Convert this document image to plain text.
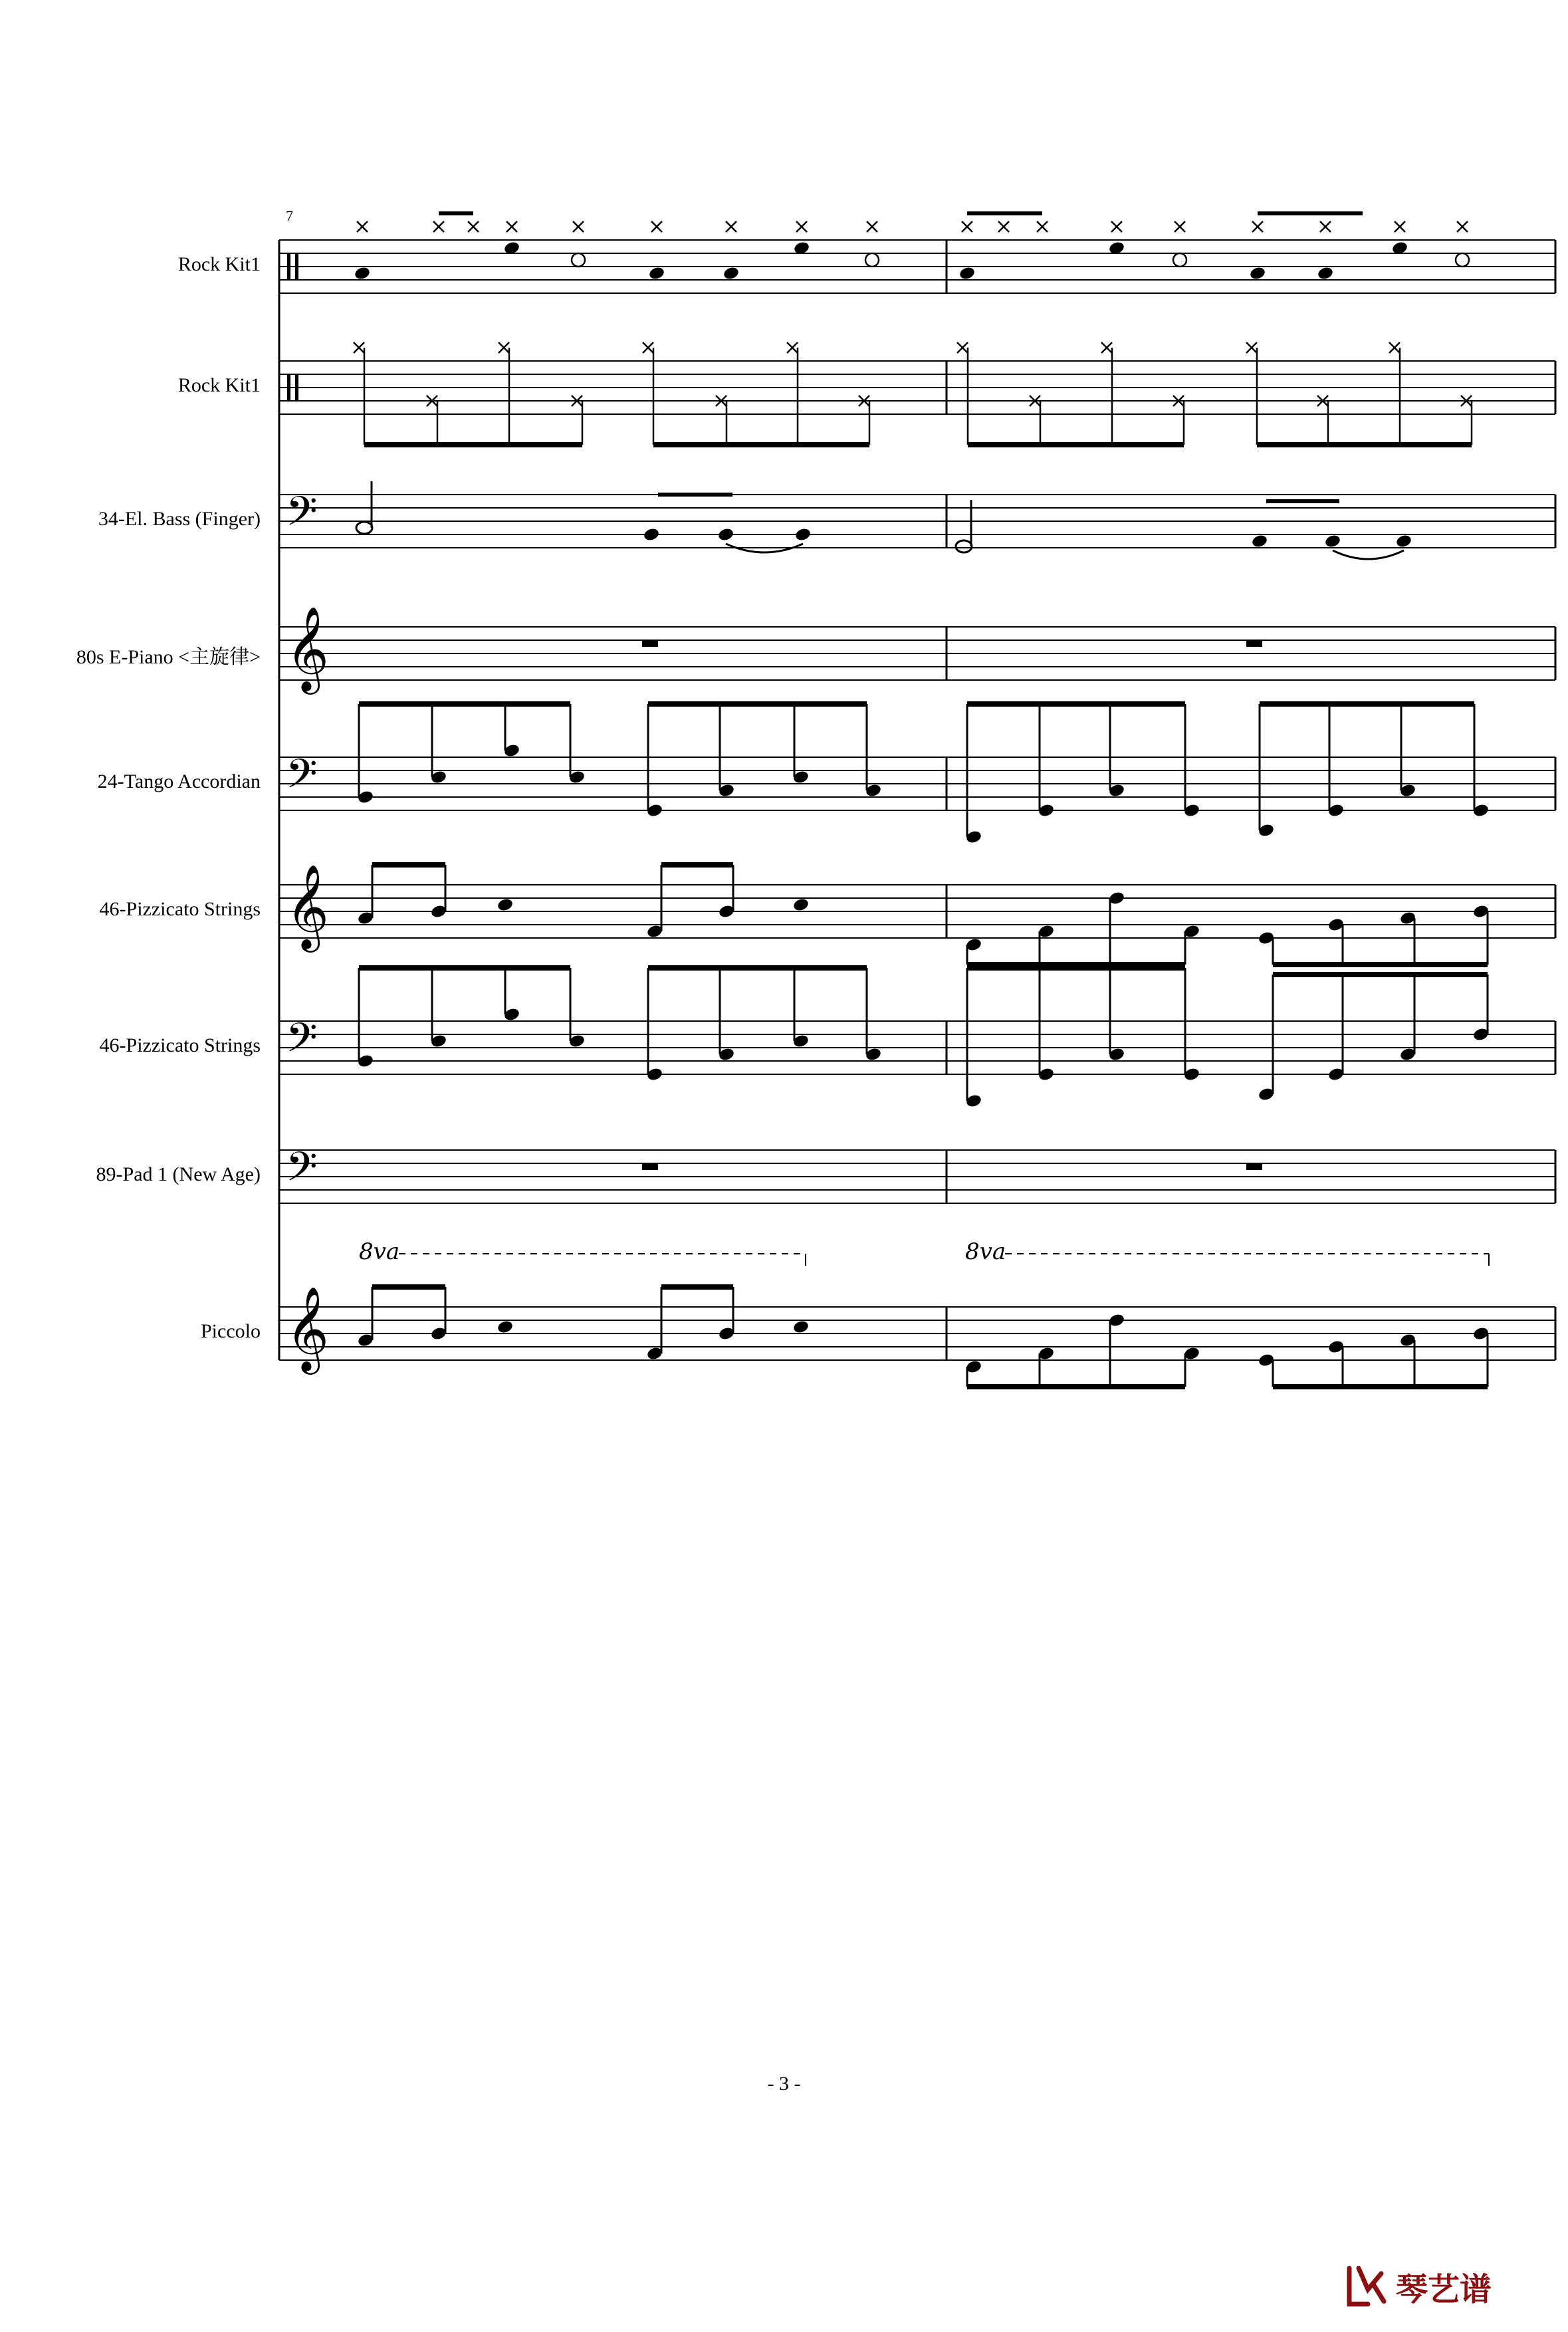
𝄢
𝄞
𝄢
𝄞
𝄢
𝄢
𝄞
8va	8va
7
Rock Kit1
Rock Kit1
34-El. Bass (Finger)
80s E-Piano <主旋律>
24-Tango Accordian
46-Pizzicato Strings
46-Pizzicato Strings
89-Pad 1 (New Age)
Piccolo
- 3 -
琴艺谱
